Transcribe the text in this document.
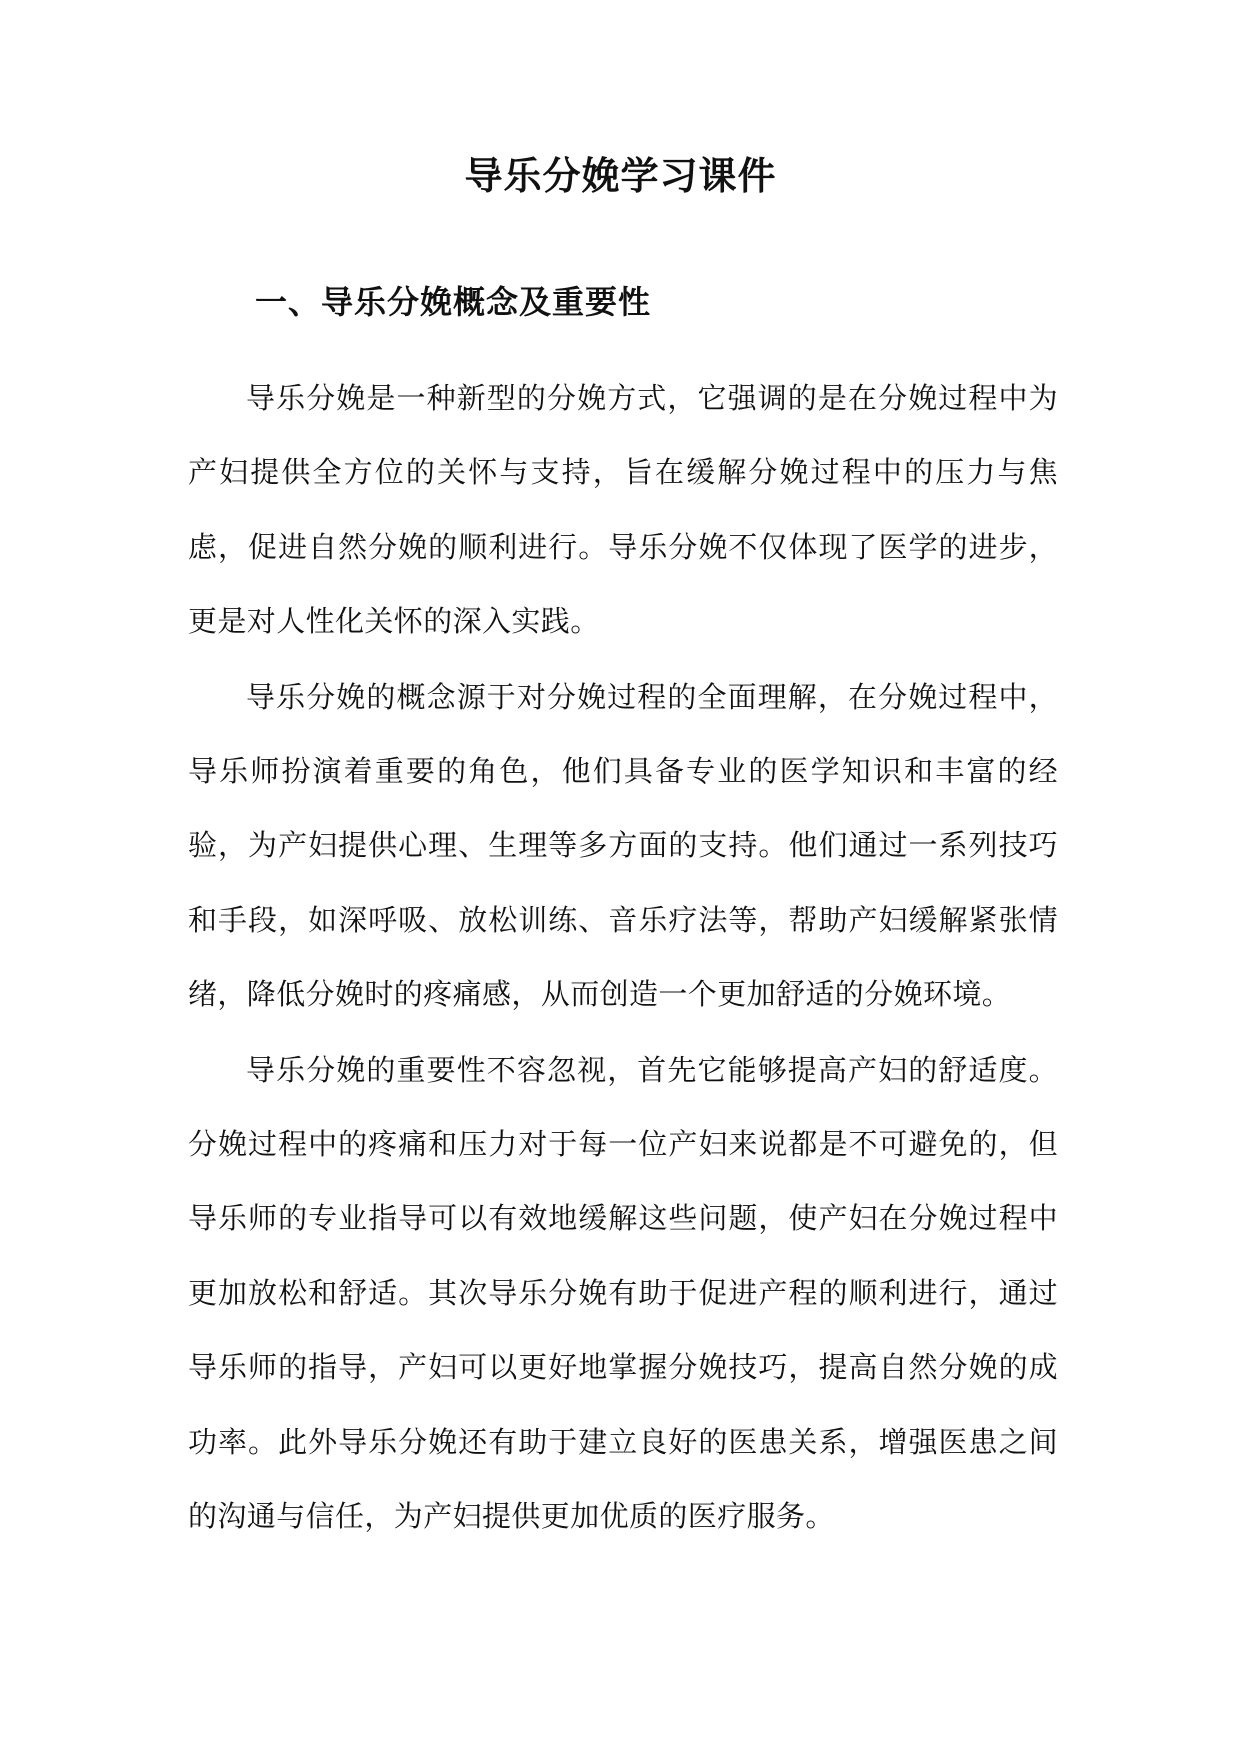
导乐分娩学习课件
一、导乐分娩概念及重要性

导乐分娩是一种新型的分娩方式，它强调的是在分娩过程中为产妇提供全方位的关怀与支持，旨在缓解分娩过程中的压力与焦虑，促进自然分娩的顺利进行。导乐分娩不仅体现了医学的进步，更是对人性化关怀的深入实践。

导乐分娩的概念源于对分娩过程的全面理解，在分娩过程中，导乐师扮演着重要的角色，他们具备专业的医学知识和丰富的经验，为产妇提供心理、生理等多方面的支持。他们通过一系列技巧和手段，如深呼吸、放松训练、音乐疗法等，帮助产妇缓解紧张情绪，降低分娩时的疼痛感，从而创造一个更加舒适的分娩环境。

导乐分娩的重要性不容忽视，首先它能够提高产妇的舒适度。分娩过程中的疼痛和压力对于每一位产妇来说都是不可避免的，但导乐师的专业指导可以有效地缓解这些问题，使产妇在分娩过程中更加放松和舒适。其次导乐分娩有助于促进产程的顺利进行，通过导乐师的指导，产妇可以更好地掌握分娩技巧，提高自然分娩的成功率。此外导乐分娩还有助于建立良好的医患关系，增强医患之间的沟通与信任，为产妇提供更加优质的医疗服务。
